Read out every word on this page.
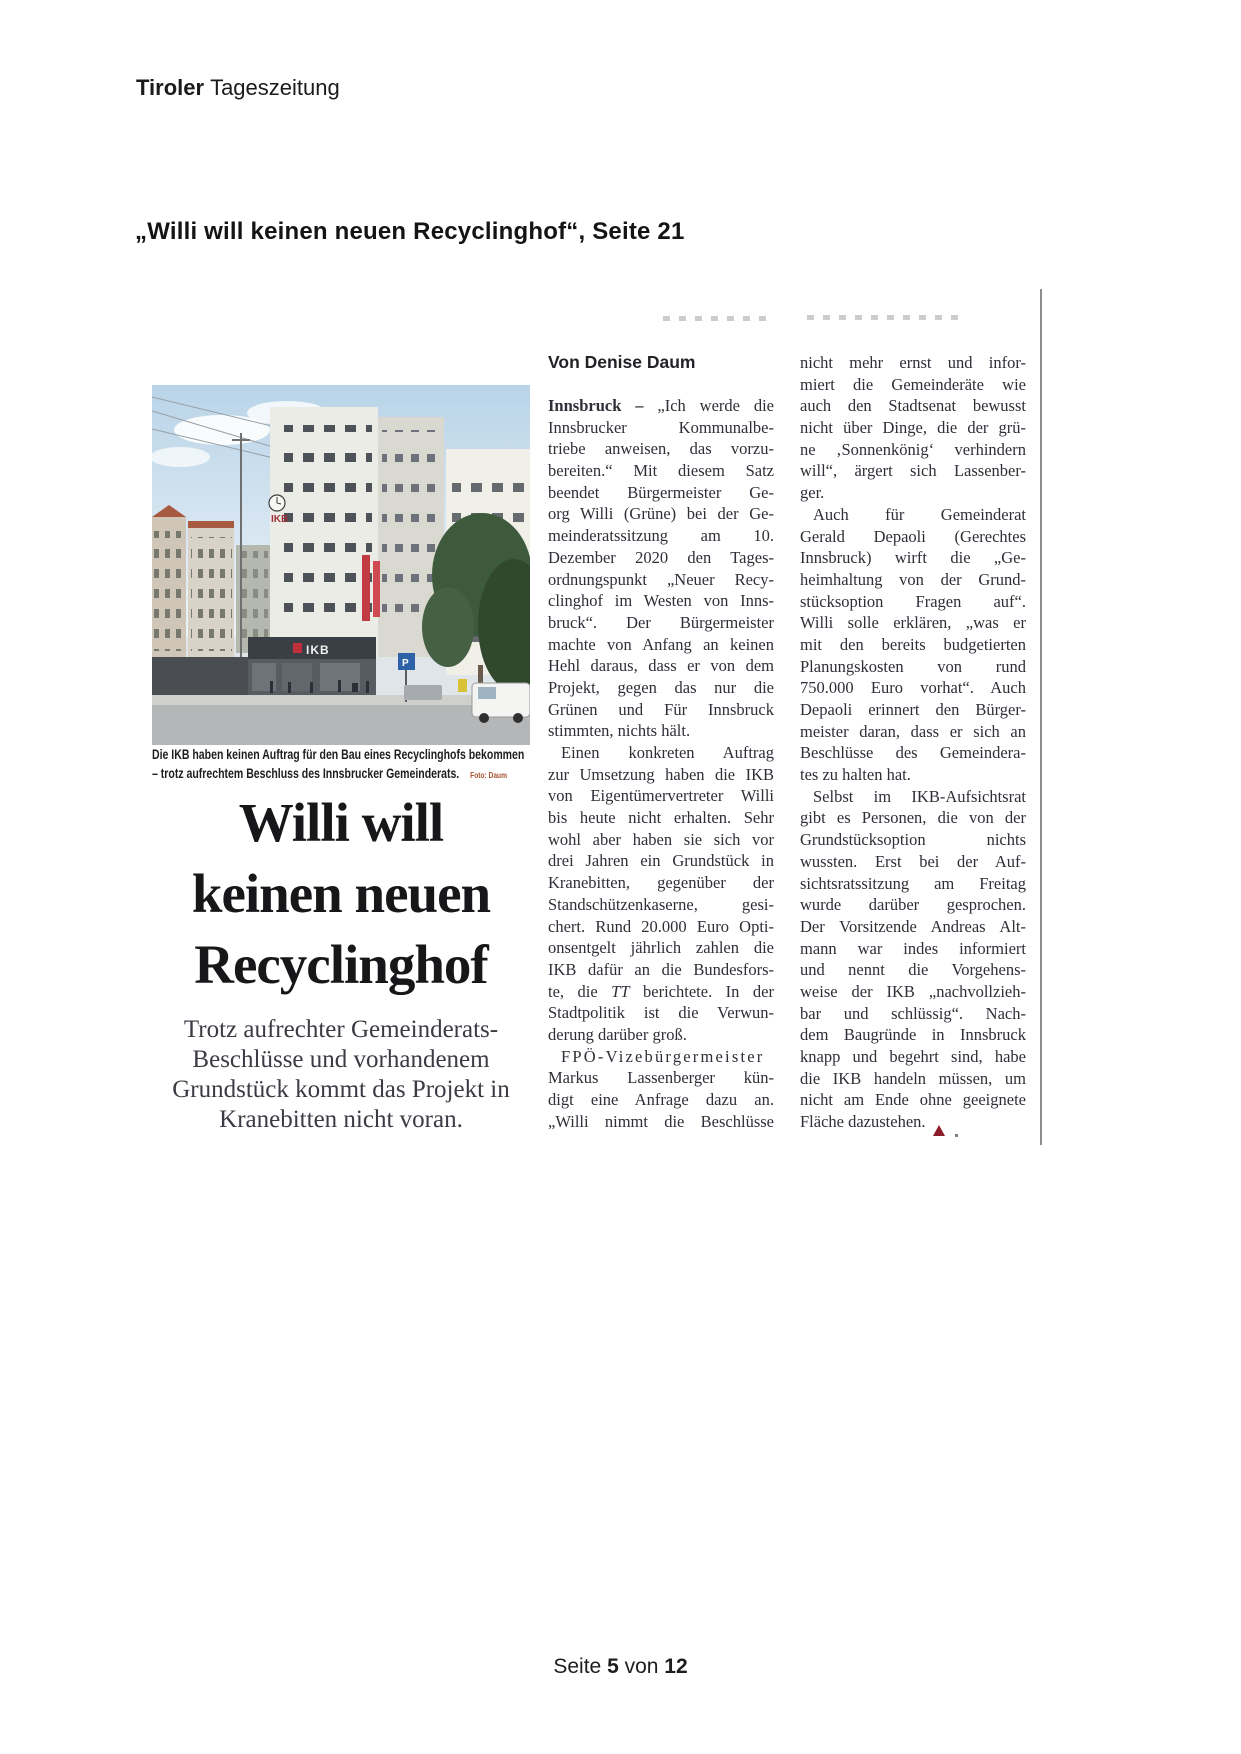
Tiroler Tageszeitung
„Willi will keinen neuen Recyclinghof“, Seite 21
IKB
IKB
P
Die IKB haben keinen Auftrag für den Bau eines Recyclinghofs bekommen – trotz aufrechtem Beschluss des Innsbrucker Gemeinderats. Foto: Daum
Willi will
keinen neuen
Recyclinghof
Trotz aufrechter Gemeinderats-
Beschlüsse und vorhandenem
Grundstück kommt das Projekt in
Kranebitten nicht voran.
Von Denise Daum
Innsbruck – „Ich werde die
Innsbrucker Kommunalbe-
triebe anweisen, das vorzu-
bereiten.“ Mit diesem Satz
beendet Bürgermeister Ge-
org Willi (Grüne) bei der Ge-
meinderatssitzung am 10.
Dezember 2020 den Tages-
ordnungspunkt „Neuer Recy-
clinghof im Westen von Inns-
bruck“. Der Bürgermeister
machte von Anfang an keinen
Hehl daraus, dass er von dem
Projekt, gegen das nur die
Grünen und Für Innsbruck
stimmten, nichts hält.
Einen konkreten Auftrag
zur Umsetzung haben die IKB
von Eigentümervertreter Willi
bis heute nicht erhalten. Sehr
wohl aber haben sie sich vor
drei Jahren ein Grundstück in
Kranebitten, gegenüber der
Standschützenkaserne, gesi-
chert. Rund 20.000 Euro Opti-
onsentgelt jährlich zahlen die
IKB dafür an die Bundesfors-
te, die TT berichtete. In der
Stadtpolitik ist die Verwun-
derung darüber groß.
FPÖ-Vizebürgermeister
Markus Lassenberger kün-
digt eine Anfrage dazu an.
„Willi nimmt die Beschlüsse
nicht mehr ernst und infor-
miert die Gemeinderäte wie
auch den Stadtsenat bewusst
nicht über Dinge, die der grü-
ne ‚Sonnenkönig‘ verhindern
will“, ärgert sich Lassenber-
ger.
Auch für Gemeinderat
Gerald Depaoli (Gerechtes
Innsbruck) wirft die „Ge-
heimhaltung von der Grund-
stücksoption Fragen auf“.
Willi solle erklären, „was er
mit den bereits budgetierten
Planungskosten von rund
750.000 Euro vorhat“. Auch
Depaoli erinnert den Bürger-
meister daran, dass er sich an
Beschlüsse des Gemeindera-
tes zu halten hat.
Selbst im IKB-Aufsichtsrat
gibt es Personen, die von der
Grundstücksoption nichts
wussten. Erst bei der Auf-
sichtsratssitzung am Freitag
wurde darüber gesprochen.
Der Vorsitzende Andreas Alt-
mann war indes informiert
und nennt die Vorgehens-
weise der IKB „nachvollzieh-
bar und schlüssig“. Nach-
dem Baugründe in Innsbruck
knapp und begehrt sind, habe
die IKB handeln müssen, um
nicht am Ende ohne geeignete
Fläche dazustehen.
Seite 5 von 12
